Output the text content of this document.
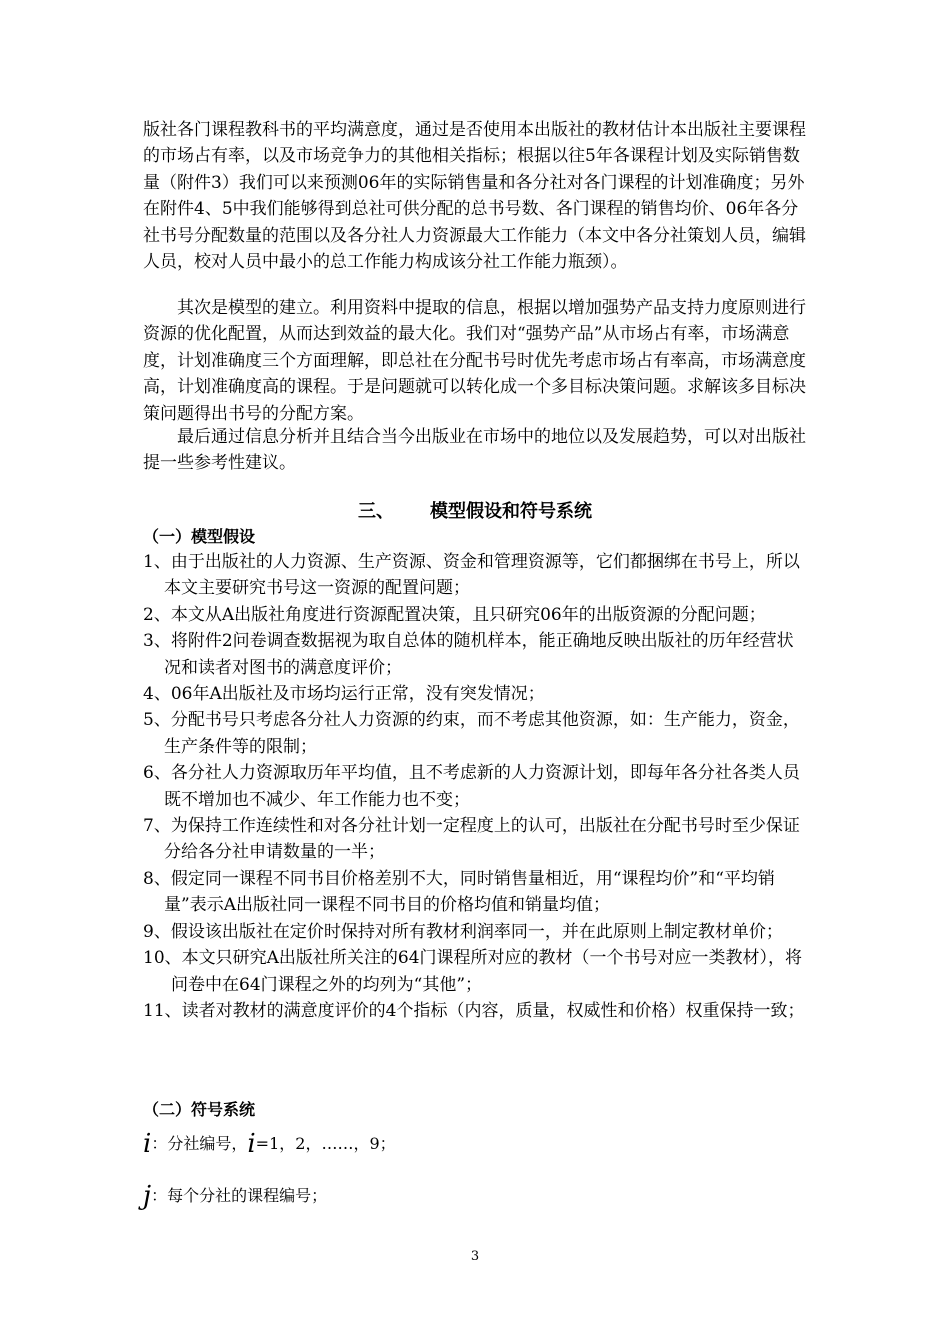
版社各门课程教科书的平均满意度，通过是否使用本出版社的教材估计本出版社主要课程的市场占有率，以及市场竞争力的其他相关指标；根据以往5年各课程计划及实际销售数量（附件3）我们可以来预测06年的实际销售量和各分社对各门课程的计划准确度；另外在附件4、5中我们能够得到总社可供分配的总书号数、各门课程的销售均价、06年各分社书号分配数量的范围以及各分社人力资源最大工作能力（本文中各分社策划人员，编辑人员，校对人员中最小的总工作能力构成该分社工作能力瓶颈）。

其次是模型的建立。利用资料中提取的信息，根据以增加强势产品支持力度原则进行资源的优化配置，从而达到效益的最大化。我们对“强势产品”从市场占有率，市场满意度，计划准确度三个方面理解，即总社在分配书号时优先考虑市场占有率高，市场满意度高，计划准确度高的课程。于是问题就可以转化成一个多目标决策问题。求解该多目标决策问题得出书号的分配方案。

最后通过信息分析并且结合当今出版业在市场中的地位以及发展趋势，可以对出版社提一些参考性建议。

三、 模型假设和符号系统
（一）模型假设
1、由于出版社的人力资源、生产资源、资金和管理资源等，它们都捆绑在书号上，所以本文主要研究书号这一资源的配置问题；
2、本文从A出版社角度进行资源配置决策，且只研究06年的出版资源的分配问题；
3、将附件2问卷调查数据视为取自总体的随机样本，能正确地反映出版社的历年经营状况和读者对图书的满意度评价；
4、06年A出版社及市场均运行正常，没有突发情况；
5、分配书号只考虑各分社人力资源的约束，而不考虑其他资源，如：生产能力，资金，生产条件等的限制；
6、各分社人力资源取历年平均值，且不考虑新的人力资源计划，即每年各分社各类人员既不增加也不减少、年工作能力也不变；
7、为保持工作连续性和对各分社计划一定程度上的认可，出版社在分配书号时至少保证分给各分社申请数量的一半；
8、假定同一课程不同书目价格差别不大，同时销售量相近，用“课程均价”和“平均销量”表示A出版社同一课程不同书目的价格均值和销量均值；
9、假设该出版社在定价时保持对所有教材利润率同一，并在此原则上制定教材单价；
10、本文只研究A出版社所关注的64门课程所对应的教材（一个书号对应一类教材），将问卷中在64门课程之外的均列为“其他”；
11、读者对教材的满意度评价的4个指标（内容，质量，权威性和价格）权重保持一致；
（二）符号系统
i：分社编号，i=1，2，……，9；
j：每个分社的课程编号；
3
